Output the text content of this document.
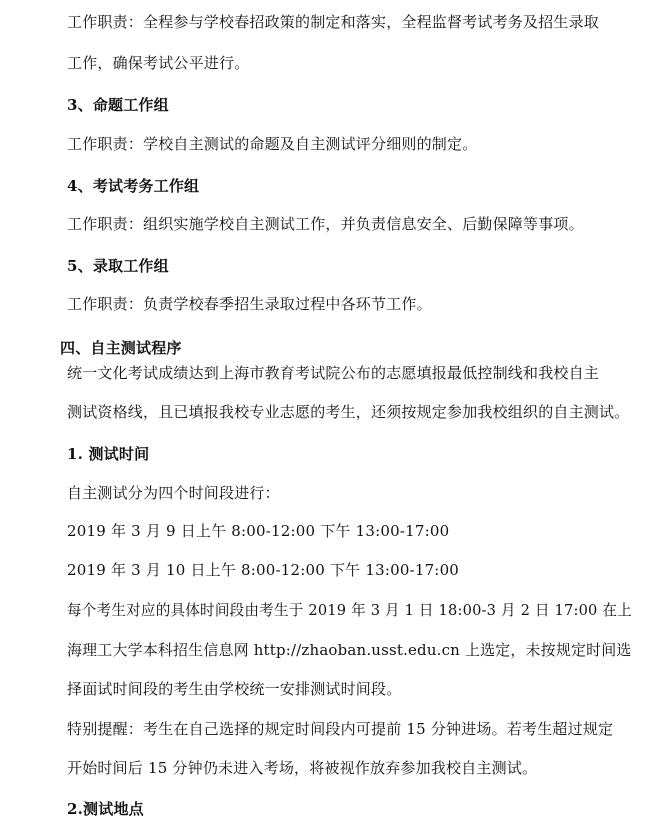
工作职责：全程参与学校春招政策的制定和落实，全程监督考试考务及招生录取
工作，确保考试公平进行。
3、命题工作组
工作职责：学校自主测试的命题及自主测试评分细则的制定。
4、考试考务工作组
工作职责：组织实施学校自主测试工作，并负责信息安全、后勤保障等事项。
5、录取工作组
工作职责：负责学校春季招生录取过程中各环节工作。
四、自主测试程序
统一文化考试成绩达到上海市教育考试院公布的志愿填报最低控制线和我校自主
测试资格线，且已填报我校专业志愿的考生，还须按规定参加我校组织的自主测试。
1. 测试时间
自主测试分为四个时间段进行：
2019 年 3 月 9 日上午 8:00-12:00 下午 13:00-17:00
2019 年 3 月 10 日上午 8:00-12:00 下午 13:00-17:00
每个考生对应的具体时间段由考生于 2019 年 3 月 1 日 18:00-3 月 2 日 17:00 在上
海理工大学本科招生信息网 http://zhaoban.usst.edu.cn 上选定，未按规定时间选
择面试时间段的考生由学校统一安排测试时间段。
特别提醒：考生在自己选择的规定时间段内可提前 15 分钟进场。若考生超过规定
开始时间后 15 分钟仍未进入考场，将被视作放弃参加我校自主测试。
2.测试地点
